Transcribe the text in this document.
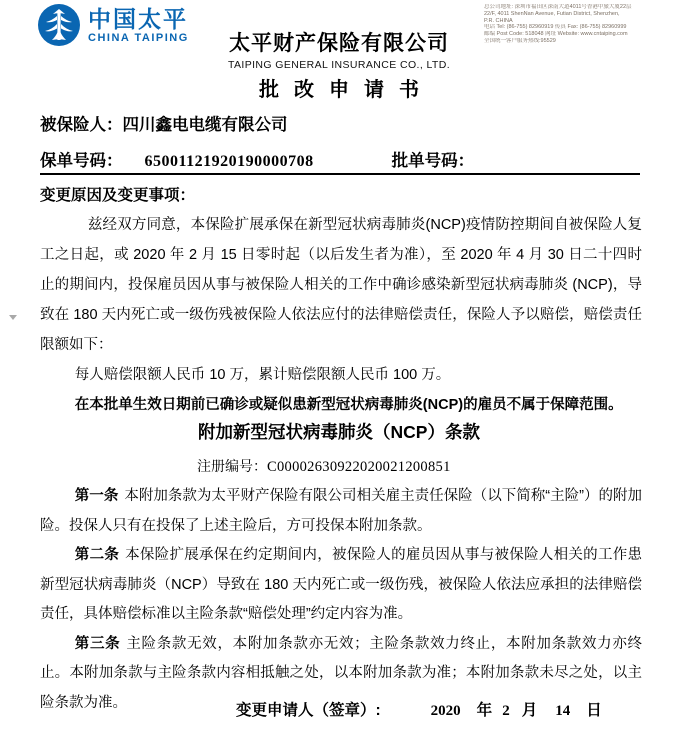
中国太平
CHINA TAIPING
总公司地址: 深圳市福田区深南大道4011号香港中旅大厦22层
22/F, 4011 ShenNan Avenue, Futian District, Shenzhen,
P.R. CHINA
电话 Tel: (86-755) 82960919 传真 Fax: (86-755) 82960999
邮编 Post Code: 518048 网址 Website: www.cntaiping.com
全国统一客户服务热线:95529
太平财产保险有限公司
TAIPING GENERAL INSURANCE CO., LTD.
批改申请书
被保险人：四川鑫电电缆有限公司
保单号码： 65001121920190000708	批单号码：
变更原因及变更事项：

兹经双方同意，本保险扩展承保在新型冠状病毒肺炎(NCP)疫情防控期间自被保险人复工之日起，或 2020 年 2 月 15 日零时起（以后发生者为准），至 2020 年 4 月 30 日二十四时止的期间内，投保雇员因从事与被保险人相关的工作中确诊感染新型冠状病毒肺炎 (NCP)，导致在 180 天内死亡或一级伤残被保险人依法应付的法律赔偿责任，保险人予以赔偿，赔偿责任限额如下：

每人赔偿限额人民币 10 万，累计赔偿限额人民币 100 万。

在本批单生效日期前已确诊或疑似患新型冠状病毒肺炎(NCP)的雇员不属于保障范围。

附加新型冠状病毒肺炎（NCP）条款
注册编号：C00002630922020021200851

第一条 本附加条款为太平财产保险有限公司相关雇主责任保险（以下简称“主险”）的附加险。投保人只有在投保了上述主险后，方可投保本附加条款。

第二条 本保险扩展承保在约定期间内，被保险人的雇员因从事与被保险人相关的工作患新型冠状病毒肺炎（NCP）导致在 180 天内死亡或一级伤残，被保险人依法应承担的法律赔偿责任，具体赔偿标准以主险条款“赔偿处理”约定内容为准。

第三条 主险条款无效，本附加条款亦无效；主险条款效力终止，本附加条款效力亦终止。本附加条款与主险条款内容相抵触之处，以本附加条款为准；本附加条款未尽之处，以主险条款为准。	变更申请人（签章）:	2020 年 2 月 14 日
